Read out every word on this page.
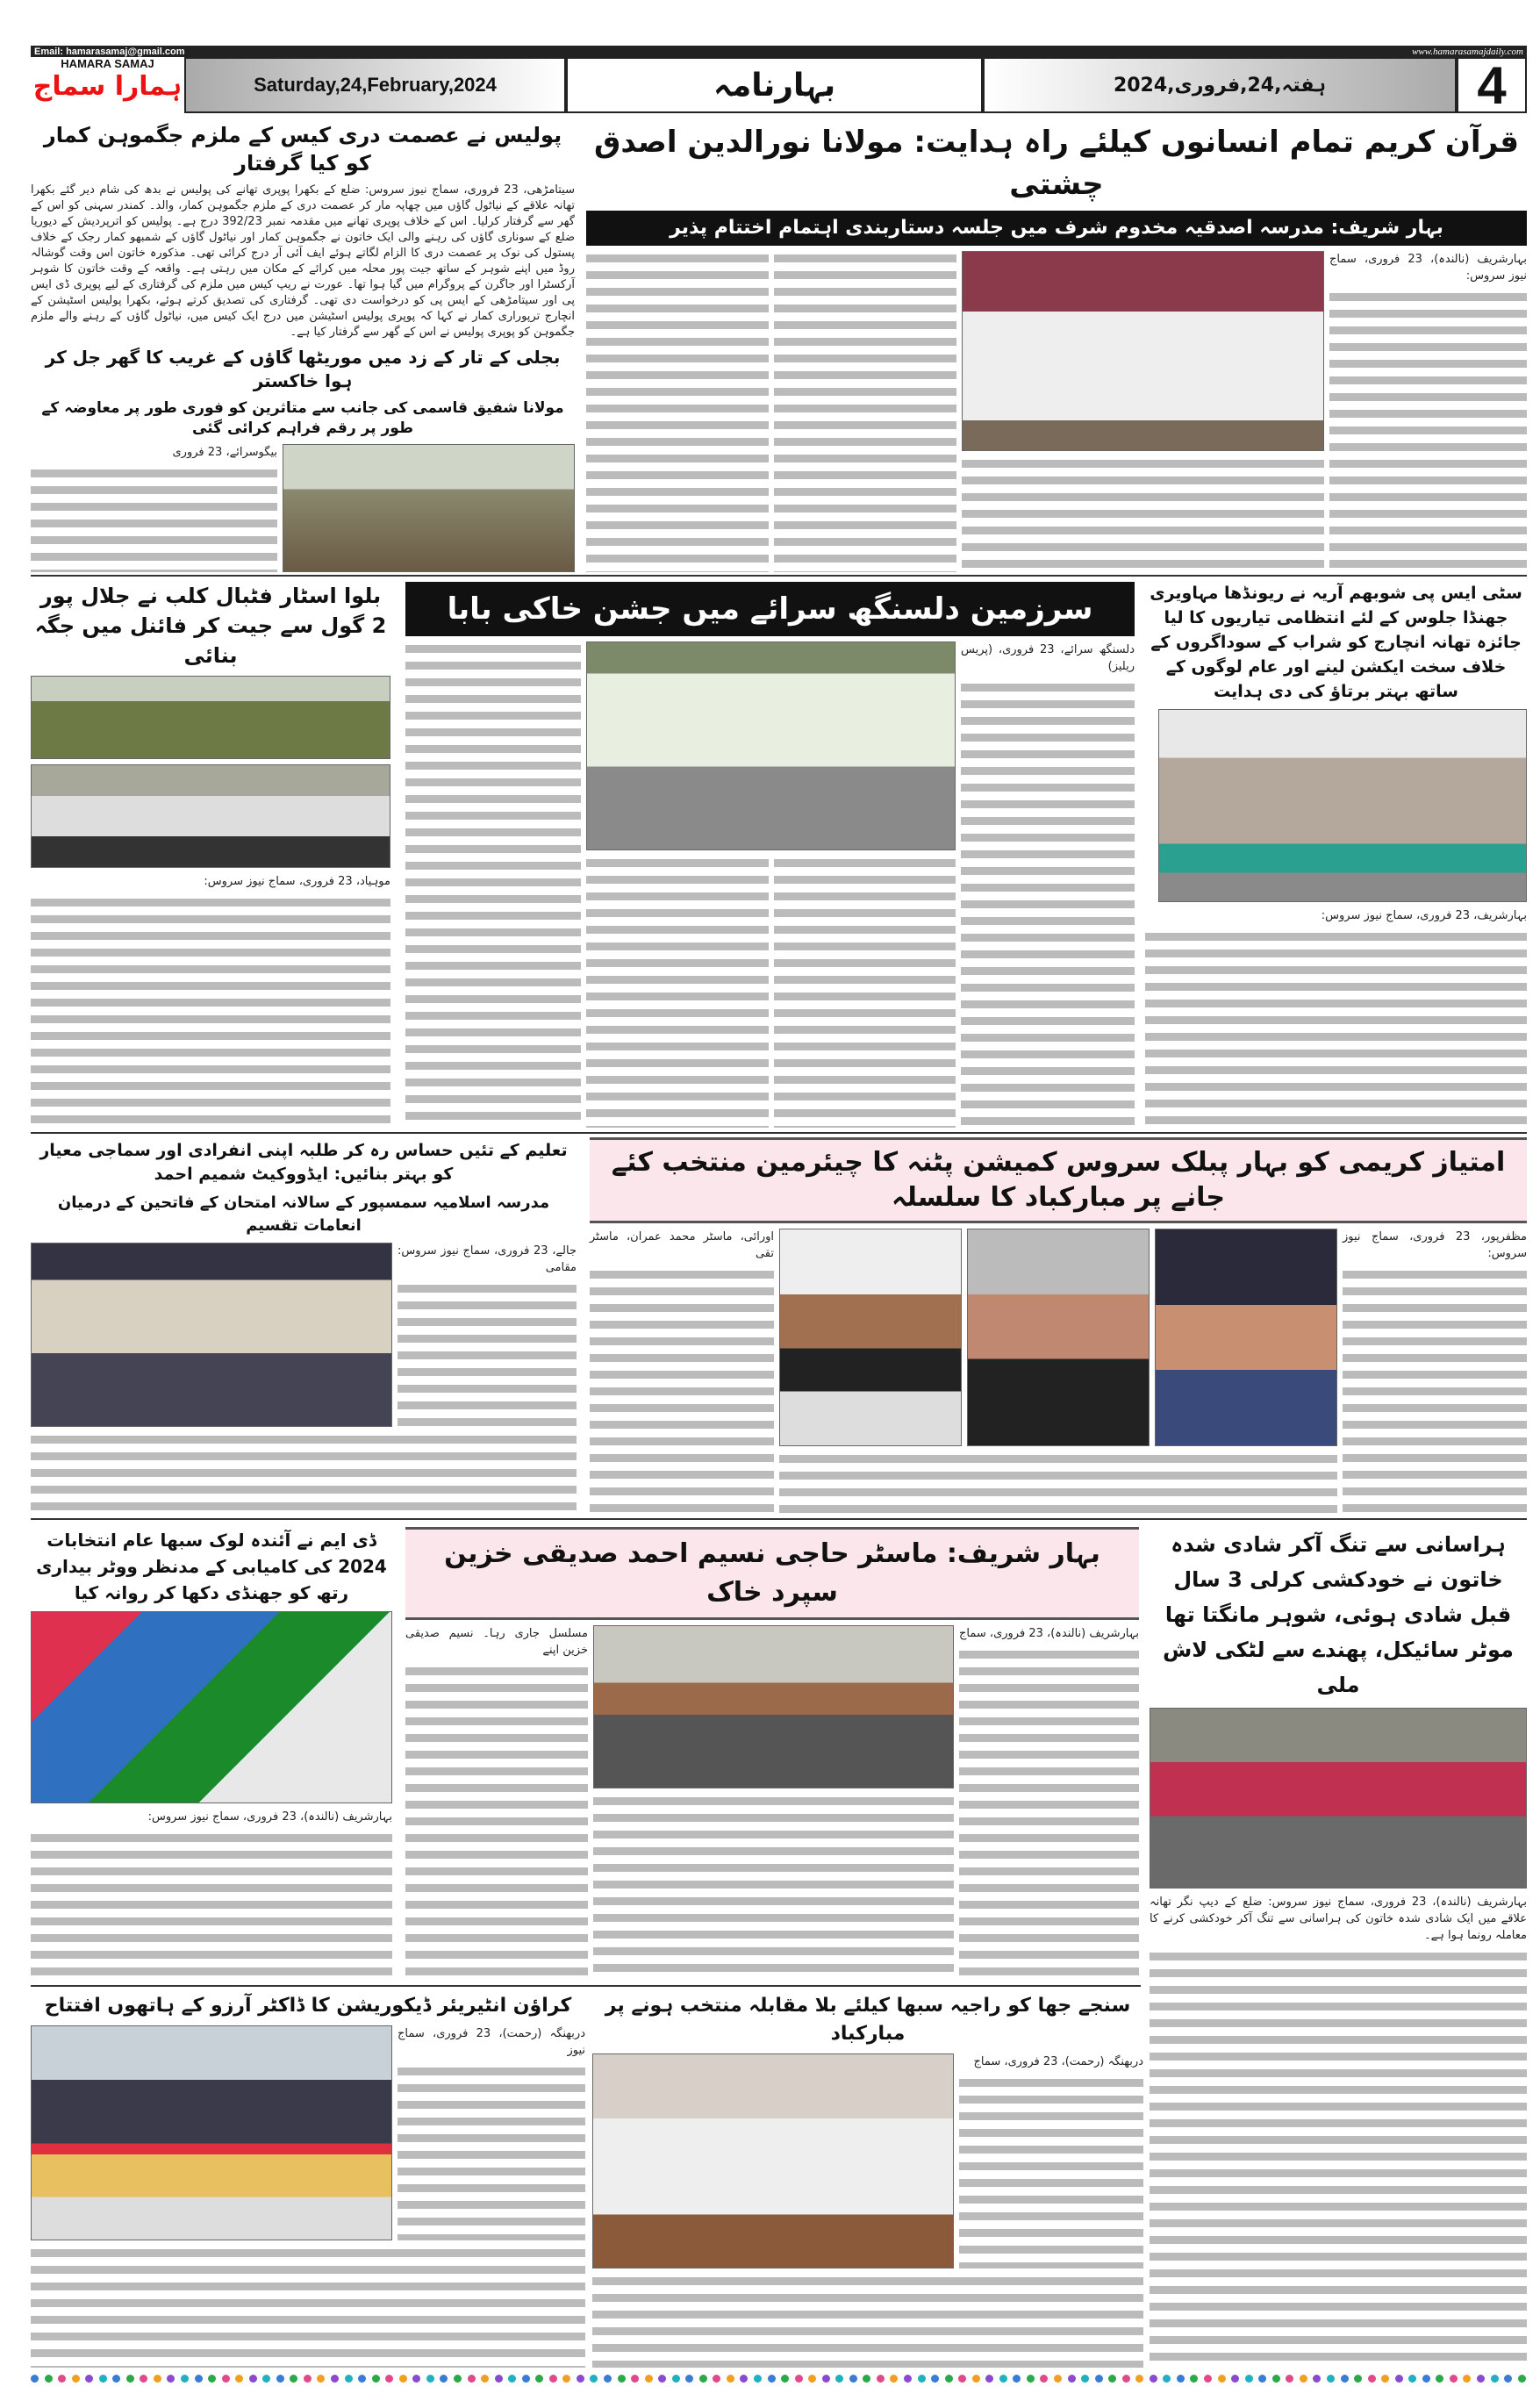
Email: hamarasamaj@gmail.com	www.hamarasamajdaily.com
HAMARA SAMAJ
ہمارا سماج	Saturday,24,February,2024	بہارنامہ	ہفتہ,24,فروری,2024	4
پولیس نے عصمت دری کیس کے ملزم جگموہن کمار کو کیا گرفتار
سیتامڑھی، 23 فروری، سماج نیوز سروس: ضلع کے بکھرا پوپری تھانے کی پولیس نے بدھ کی شام دیر گئے بکھرا تھانہ علاقے کے نیاٹول گاؤں میں چھاپہ مار کر عصمت دری کے ملزم جگموہن کمار، والد۔ کمندر سہنی کو اس کے گھر سے گرفتار کرلیا۔ اس کے خلاف پوپری تھانے میں مقدمہ نمبر 392/23 درج ہے۔ پولیس کو اترپردیش کے دیوریا ضلع کے سوناری گاؤں کی رہنے والی ایک خاتون نے جگموہن کمار اور نیاٹول گاؤں کے شمبھو کمار رجک کے خلاف پستول کی نوک پر عصمت دری کا الزام لگاتے ہوئے ایف آئی آر درج کرائی تھی۔ مذکورہ خاتون اس وقت گوشالہ روڈ میں اپنے شوہر کے ساتھ جیت پور محلہ میں کرائے کے مکان میں رہتی ہے۔ واقعہ کے وقت خاتون کا شوہر آرکسٹرا اور جاگرن کے پروگرام میں گیا ہوا تھا۔ عورت نے ریپ کیس میں ملزم کی گرفتاری کے لیے پوپری ڈی ایس پی اور سیتامڑھی کے ایس پی کو درخواست دی تھی۔ گرفتاری کی تصدیق کرتے ہوئے، بکھرا پولیس اسٹیشن کے انچارج ترپوراری کمار نے کہا کہ پوپری پولیس اسٹیشن میں درج ایک کیس میں، نیاٹول گاؤں کے رہنے والے ملزم جگموہن کو پوپری پولیس نے اس کے گھر سے گرفتار کیا ہے۔
بجلی کے تار کے زد میں موریٹھا گاؤں کے غریب کا گھر جل کر ہوا خاکستر
مولانا شفیق قاسمی کی جانب سے متاثرین کو فوری طور پر معاوضہ کے طور پر رقم فراہم کرائی گئی
بیگوسرائے، 23 فروری
قرآن کریم تمام انسانوں کیلئے راہ ہدایت: مولانا نورالدین اصدق چشتی
بہار شریف: مدرسہ اصدقیہ مخدوم شرف میں جلسہ دستاربندی اہتمام اختتام پذیر
بہارشریف (نالندہ)، 23 فروری، سماج نیوز سروس:
بلوا اسٹار فٹبال کلب نے جلال پور 2 گول سے جیت کر فائنل میں جگہ بنائی
موہیاد، 23 فروری، سماج نیوز سروس:
سرزمین دلسنگھ سرائے میں جشن خاکی بابا
دلسنگھ سرائے، 23 فروری، (پریس ریلیز)
سٹی ایس پی شوبھم آریہ نے ریونڈھا مہاویری جھنڈا جلوس کے لئے انتظامی تیاریوں کا لیا جائزہ تھانہ انچارج کو شراب کے سوداگروں کے خلاف سخت ایکشن لینے اور عام لوگوں کے ساتھ بہتر برتاؤ کی دی ہدایت
بہارشریف، 23 فروری، سماج نیوز سروس:
تعلیم کے تئیں حساس رہ کر طلبہ اپنی انفرادی اور سماجی معیار کو بہتر بنائیں: ایڈووکیٹ شمیم احمد
مدرسہ اسلامیہ سمسپور کے سالانہ امتحان کے فاتحین کے درمیان انعامات تقسیم
جالے، 23 فروری، سماج نیوز سروس: مقامی
امتیاز کریمی کو بہار پبلک سروس کمیشن پٹنہ کا چیئرمین منتخب کئے جانے پر مبارکباد کا سلسلہ
مظفرپور، 23 فروری، سماج نیوز سروس:
اورائی، ماسٹر محمد عمران، ماسٹر تقی
ڈی ایم نے آئندہ لوک سبھا عام انتخابات 2024 کی کامیابی کے مدنظر ووٹر بیداری رتھ کو جھنڈی دکھا کر روانہ کیا
بہارشریف (نالندہ)، 23 فروری، سماج نیوز سروس:
بہار شریف: ماسٹر حاجی نسیم احمد صدیقی خزین سپرد خاک
بہارشریف (نالندہ)، 23 فروری، سماج
مسلسل جاری رہا۔ نسیم صدیقی خزین اپنے
ہراسانی سے تنگ آکر شادی شدہ خاتون نے خودکشی کرلی 3 سال قبل شادی ہوئی، شوہر مانگتا تھا موٹر سائیکل، پھندے سے لٹکی لاش ملی
بہارشریف (نالندہ)، 23 فروری، سماج نیوز سروس: ضلع کے دیپ نگر تھانہ علاقے میں ایک شادی شدہ خاتون کی ہراسانی سے تنگ آکر خودکشی کرنے کا معاملہ رونما ہوا ہے۔
کراؤن انٹیریئر ڈیکوریشن کا ڈاکٹر آرزو کے ہاتھوں افتتاح
دربھنگہ (رحمت)، 23 فروری، سماج نیوز
سنجے جھا کو راجیہ سبھا کیلئے بلا مقابلہ منتخب ہونے پر مبارکباد
دربھنگہ (رحمت)، 23 فروری، سماج
